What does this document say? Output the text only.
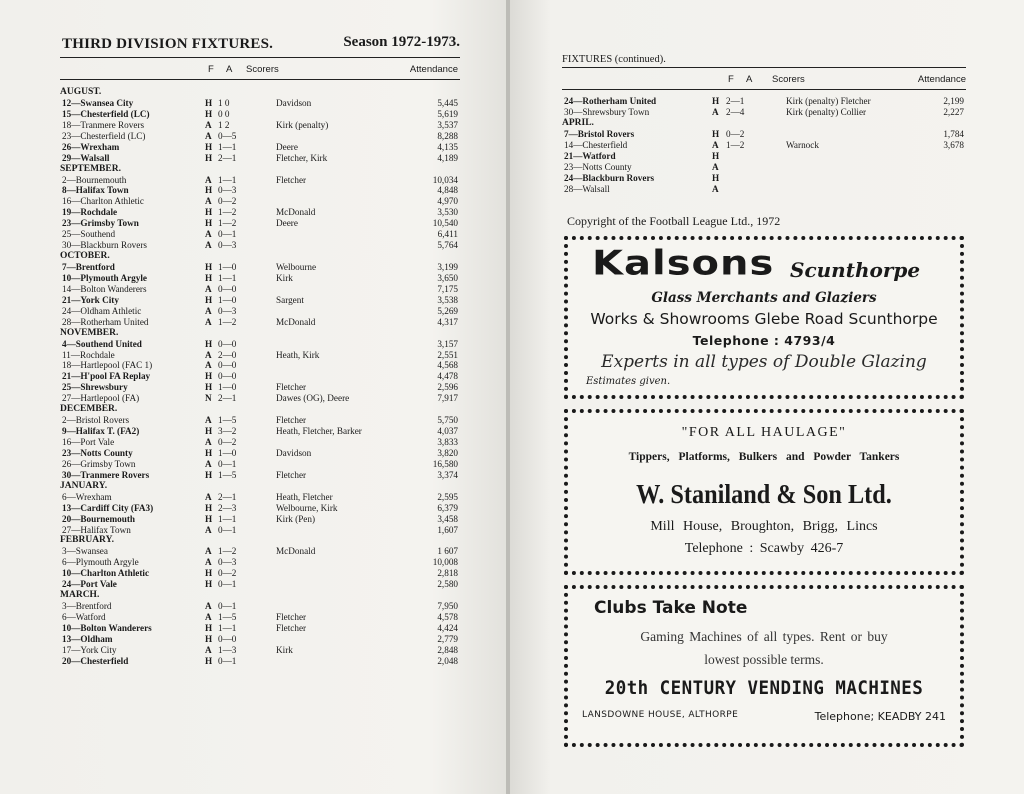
THIRD DIVISION FIXTURES.	Season 1972-1973.
F A Scorers	Attendance
AUGUST.
12—Swansea City	H 1 0	Davidson	5,445
15—Chesterfield (LC)	H 0 0	5,619
18—Tranmere Rovers	A 1 2	Kirk (penalty)	3,537
23—Chesterfield (LC)	A 0—5	8,288
26—Wrexham	H 1—1	Deere	4,135
29—Walsall	H 2—1	Fletcher, Kirk	4,189
SEPTEMBER.
2—Bournemouth	A 1—1	Fletcher	10,034
8—Halifax Town	H 0—3	4,848
16—Charlton Athletic	A 0—2	4,970
19—Rochdale	H 1—2	McDonald	3,530
23—Grimsby Town	H 1—2	Deere	10,540
25—Southend	A 0—1	6,411
30—Blackburn Rovers	A 0—3	5,764
OCTOBER.
7—Brentford	H 1—0	Welbourne	3,199
10—Plymouth Argyle	H 1—1	Kirk	3,650
14—Bolton Wanderers	A 0—0	7,175
21—York City	H 1—0	Sargent	3,538
24—Oldham Athletic	A 0—3	5,269
28—Rotherham United	A 1—2	McDonald	4,317
NOVEMBER.
4—Southend United	H 0—0	3,157
11—Rochdale	A 2—0	Heath, Kirk	2,551
18—Hartlepool (FAC 1)	A 0—0	4,568
21—H'pool FA Replay	H 0—0	4,478
25—Shrewsbury	H 1—0	Fletcher	2,596
27—Hartlepool (FA)	N 2—1	Dawes (OG), Deere	7,917
DECEMBER.
2—Bristol Rovers	A 1—5	Fletcher	5,750
9—Halifax T. (FA2)	H 3—2	Heath, Fletcher, Barker	4,037
16—Port Vale	A 0—2	3,833
23—Notts County	H 1—0	Davidson	3,820
26—Grimsby Town	A 0—1	16,580
30—Tranmere Rovers	H 1—5	Fletcher	3,374
JANUARY.
6—Wrexham	A 2—1	Heath, Fletcher	2,595
13—Cardiff City (FA3)	H 2—3	Welbourne, Kirk	6,379
20—Bournemouth	H 1—1	Kirk (Pen)	3,458
27—Halifax Town	A 0—1	1,607
FEBRUARY.
3—Swansea	A 1—2	McDonald	1 607
6—Plymouth Argyle	A 0—3	10,008
10—Charlton Athletic	H 0—2	2,818
24—Port Vale	H 0—1	2,580
MARCH.
3—Brentford	A 0—1	7,950
6—Watford	A 1—5	Fletcher	4,578
10—Bolton Wanderers	H 1—1	Fletcher	4,424
13—Oldham	H 0—0	2,779
17—York City	A 1—3	Kirk	2,848
20—Chesterfield	H 0—1	2,048
FIXTURES (continued).
F A Scorers	Attendance
24—Rotherham United	H 2—1	Kirk (penalty) Fletcher	2,199
30—Shrewsbury Town	A 2—4	Kirk (penalty) Collier	2,227
APRIL.
7—Bristol Rovers	H 0—2	1,784
14—Chesterfield	A 1—2	Warnock	3,678
21—Watford	H
23—Notts County	A
24—Blackburn Rovers	H
28—Walsall	A
Copyright of the Football League Ltd., 1972
Kalsons Scunthorpe
Glass Merchants and Glaziers
Works & Showrooms Glebe Road Scunthorpe
Telephone : 4793/4
Experts in all types of Double Glazing
Estimates given.
"FOR ALL HAULAGE"
Tippers, Platforms, Bulkers and Powder Tankers
W. Staniland & Son Ltd.
Mill House, Broughton, Brigg, Lincs
Telephone : Scawby 426-7
Clubs Take Note
Gaming Machines of all types. Rent or buy
lowest possible terms.
20th CENTURY VENDING MACHINES
LANSDOWNE HOUSE, ALTHORPE	Telephone; KEADBY 241
